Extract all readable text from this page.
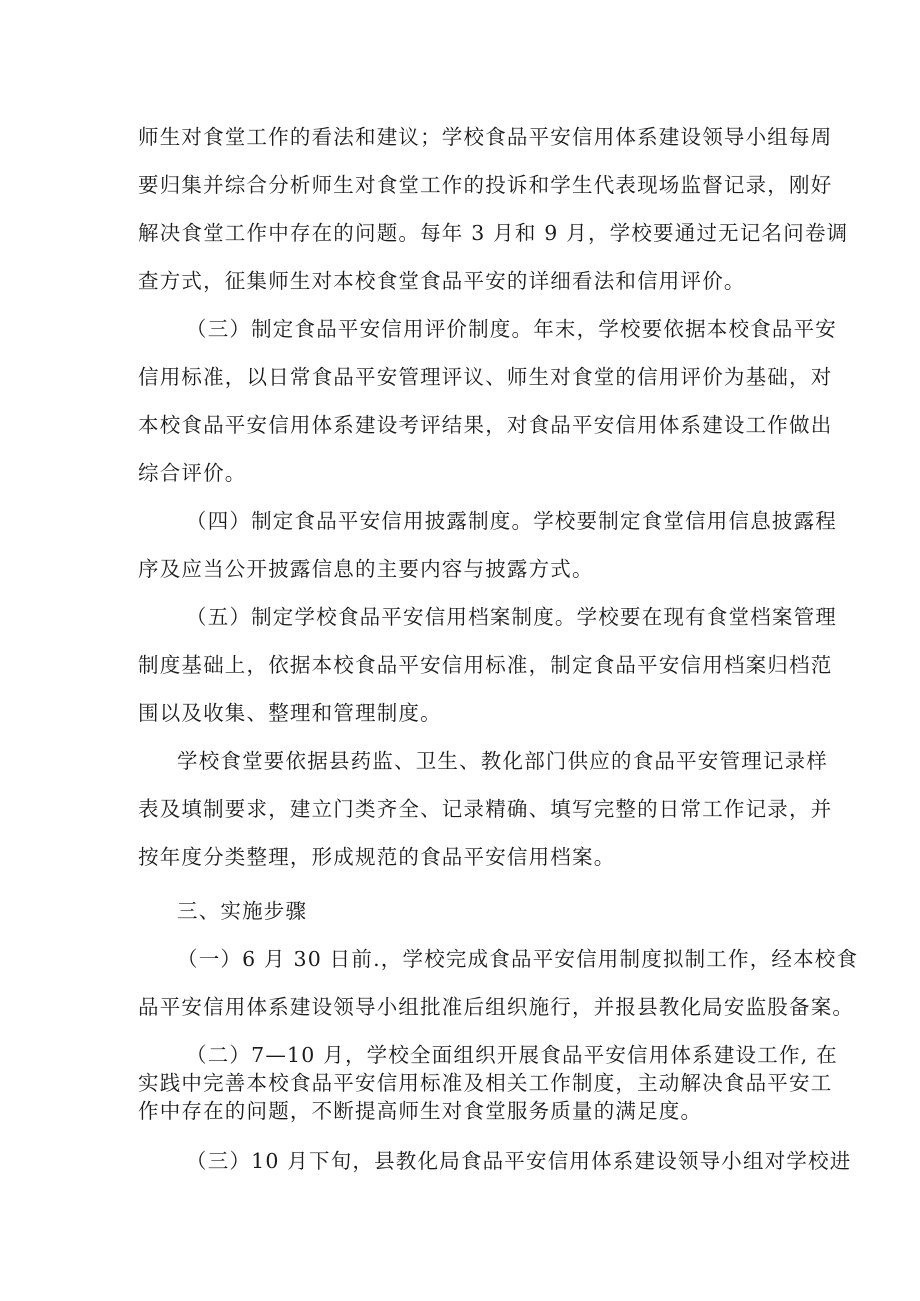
师生对食堂工作的看法和建议；学校食品平安信用体系建设领导小组每周
要归集并综合分析师生对食堂工作的投诉和学生代表现场监督记录，刚好
解决食堂工作中存在的问题。每年 3 月和 9 月，学校要通过无记名问卷调
查方式，征集师生对本校食堂食品平安的详细看法和信用评价。
（三）制定食品平安信用评价制度。年末，学校要依据本校食品平安
信用标准，以日常食品平安管理评议、师生对食堂的信用评价为基础，对
本校食品平安信用体系建设考评结果，对食品平安信用体系建设工作做出
综合评价。
（四）制定食品平安信用披露制度。学校要制定食堂信用信息披露程
序及应当公开披露信息的主要内容与披露方式。
（五）制定学校食品平安信用档案制度。学校要在现有食堂档案管理
制度基础上，依据本校食品平安信用标准，制定食品平安信用档案归档范
围以及收集、整理和管理制度。
学校食堂要依据县药监、卫生、教化部门供应的食品平安管理记录样
表及填制要求，建立门类齐全、记录精确、填写完整的日常工作记录，并
按年度分类整理，形成规范的食品平安信用档案。
三、实施步骤
（一）6 月 30 日前.，学校完成食品平安信用制度拟制工作，经本校食
品平安信用体系建设领导小组批准后组织施行，并报县教化局安监股备案。
（二）7—10 月，学校全面组织开展食品平安信用体系建设工作, 在
实践中完善本校食品平安信用标准及相关工作制度，主动解决食品平安工
作中存在的问题，不断提高师生对食堂服务质量的满足度。
（三）10 月下旬，县教化局食品平安信用体系建设领导小组对学校进
